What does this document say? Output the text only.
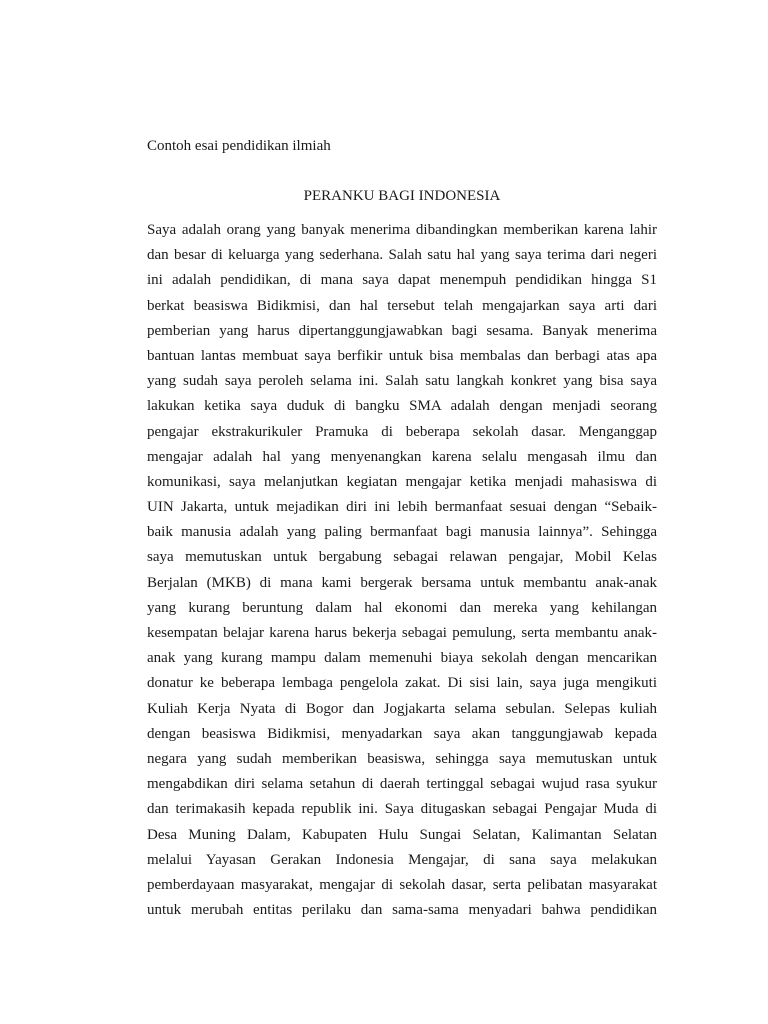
Contoh esai pendidikan ilmiah
PERANKU BAGI INDONESIA
Saya adalah orang yang banyak menerima dibandingkan memberikan karena lahir
dan besar di keluarga yang sederhana. Salah satu hal yang saya terima dari negeri
ini adalah pendidikan, di mana saya dapat menempuh pendidikan hingga S1
berkat beasiswa Bidikmisi, dan hal tersebut telah mengajarkan saya arti dari
pemberian yang harus dipertanggungjawabkan bagi sesama. Banyak menerima
bantuan lantas membuat saya berfikir untuk bisa membalas dan berbagi atas apa
yang sudah saya peroleh selama ini. Salah satu langkah konkret yang bisa saya
lakukan ketika saya duduk di bangku SMA adalah dengan menjadi seorang
pengajar ekstrakurikuler Pramuka di beberapa sekolah dasar. Menganggap
mengajar adalah hal yang menyenangkan karena selalu mengasah ilmu dan
komunikasi, saya melanjutkan kegiatan mengajar ketika menjadi mahasiswa di
UIN Jakarta, untuk mejadikan diri ini lebih bermanfaat sesuai dengan “Sebaik-
baik manusia adalah yang paling bermanfaat bagi manusia lainnya”. Sehingga
saya memutuskan untuk bergabung sebagai relawan pengajar, Mobil Kelas
Berjalan (MKB) di mana kami bergerak bersama untuk membantu anak-anak
yang kurang beruntung dalam hal ekonomi dan mereka yang kehilangan
kesempatan belajar karena harus bekerja sebagai pemulung, serta membantu anak-
anak yang kurang mampu dalam memenuhi biaya sekolah dengan mencarikan
donatur ke beberapa lembaga pengelola zakat. Di sisi lain, saya juga mengikuti
Kuliah Kerja Nyata di Bogor dan Jogjakarta selama sebulan. Selepas kuliah
dengan beasiswa Bidikmisi, menyadarkan saya akan tanggungjawab kepada
negara yang sudah memberikan beasiswa, sehingga saya memutuskan untuk
mengabdikan diri selama setahun di daerah tertinggal sebagai wujud rasa syukur
dan terimakasih kepada republik ini. Saya ditugaskan sebagai Pengajar Muda di
Desa Muning Dalam, Kabupaten Hulu Sungai Selatan, Kalimantan Selatan
melalui Yayasan Gerakan Indonesia Mengajar, di sana saya melakukan
pemberdayaan masyarakat, mengajar di sekolah dasar, serta pelibatan masyarakat
untuk merubah entitas perilaku dan sama-sama menyadari bahwa pendidikan
